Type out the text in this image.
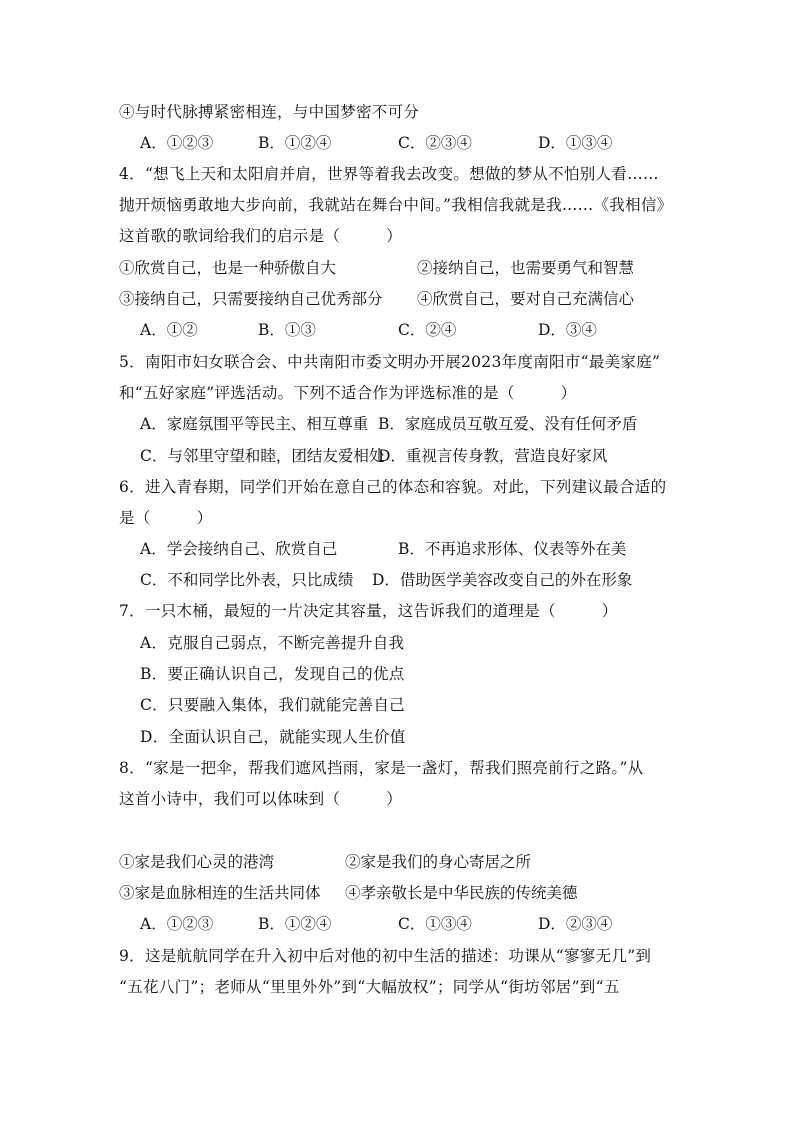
④与时代脉搏紧密相连，与中国梦密不可分
A．①②③	B．①②④	C．②③④	D．①③④
4．“想飞上天和太阳肩并肩，世界等着我去改变。想做的梦从不怕别人看……
抛开烦恼勇敢地大步向前，我就站在舞台中间。”我相信我就是我……《我相信》
这首歌的歌词给我们的启示是（	）
①欣赏自己，也是一种骄傲自大	②接纳自己，也需要勇气和智慧
③接纳自己，只需要接纳自己优秀部分 ④欣赏自己，要对自己充满信心
A．①②	B．①③	C．②④	D．③④
5．南阳市妇女联合会、中共南阳市委文明办开展2023年度南阳市“最美家庭”
和“五好家庭”评选活动。下列不适合作为评选标准的是（	）
A．家庭氛围平等民主、相互尊重 B．家庭成员互敬互爱、没有任何矛盾
C．与邻里守望和睦，团结友爱相处
D．重视言传身教，营造良好家风
6．进入青春期，同学们开始在意自己的体态和容貌。对此，下列建议最合适的
是（	）
A．学会接纳自己、欣赏自己	B．不再追求形体、仪表等外在美
C．不和同学比外表，只比成绩 D．借助医学美容改变自己的外在形象
7．一只木桶，最短的一片决定其容量，这告诉我们的道理是（	）
A．克服自己弱点，不断完善提升自我
B．要正确认识自己，发现自己的优点
C．只要融入集体，我们就能完善自己
D．全面认识自己，就能实现人生价值
8．“家是一把伞，帮我们遮风挡雨，家是一盏灯，帮我们照亮前行之路。”从
这首小诗中，我们可以体味到（	）
①家是我们心灵的港湾	②家是我们的身心寄居之所
③家是血脉相连的生活共同体 ④孝亲敬长是中华民族的传统美德
A．①②③	B．①②④	C．①③④	D．②③④
9．这是航航同学在升入初中后对他的初中生活的描述：功课从“寥寥无几”到
“五花八门”；老师从“里里外外”到“大幅放权”；同学从“街坊邻居”到“五
